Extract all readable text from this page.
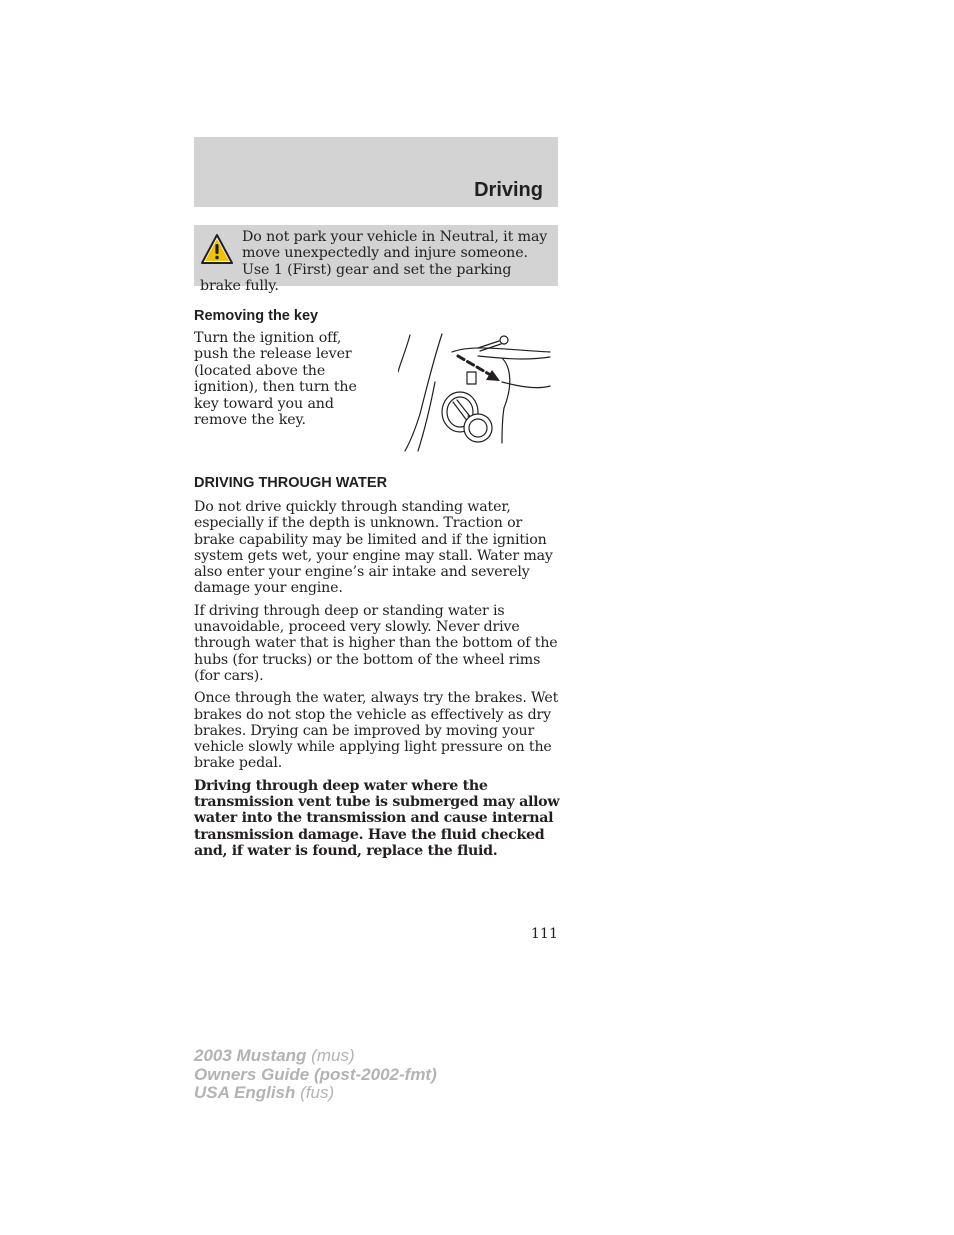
Driving

Do not park your vehicle in Neutral, it may move unexpectedly and injure someone. Use 1 (First) gear and set the parking brake fully.

Removing the key

Turn the ignition off, push the release lever (located above the ignition), then turn the key toward you and remove the key.

DRIVING THROUGH WATER

Do not drive quickly through standing water, especially if the depth is unknown. Traction or brake capability may be limited and if the ignition system gets wet, your engine may stall. Water may also enter your engine’s air intake and severely damage your engine.

If driving through deep or standing water is unavoidable, proceed very slowly. Never drive through water that is higher than the bottom of the hubs (for trucks) or the bottom of the wheel rims (for cars).

Once through the water, always try the brakes. Wet brakes do not stop the vehicle as effectively as dry brakes. Drying can be improved by moving your vehicle slowly while applying light pressure on the brake pedal.

Driving through deep water where the transmission vent tube is submerged may allow water into the transmission and cause internal transmission damage. Have the fluid checked and, if water is found, replace the fluid.

111

2003 Mustang (mus)
Owners Guide (post-2002-fmt)
USA English (fus)
